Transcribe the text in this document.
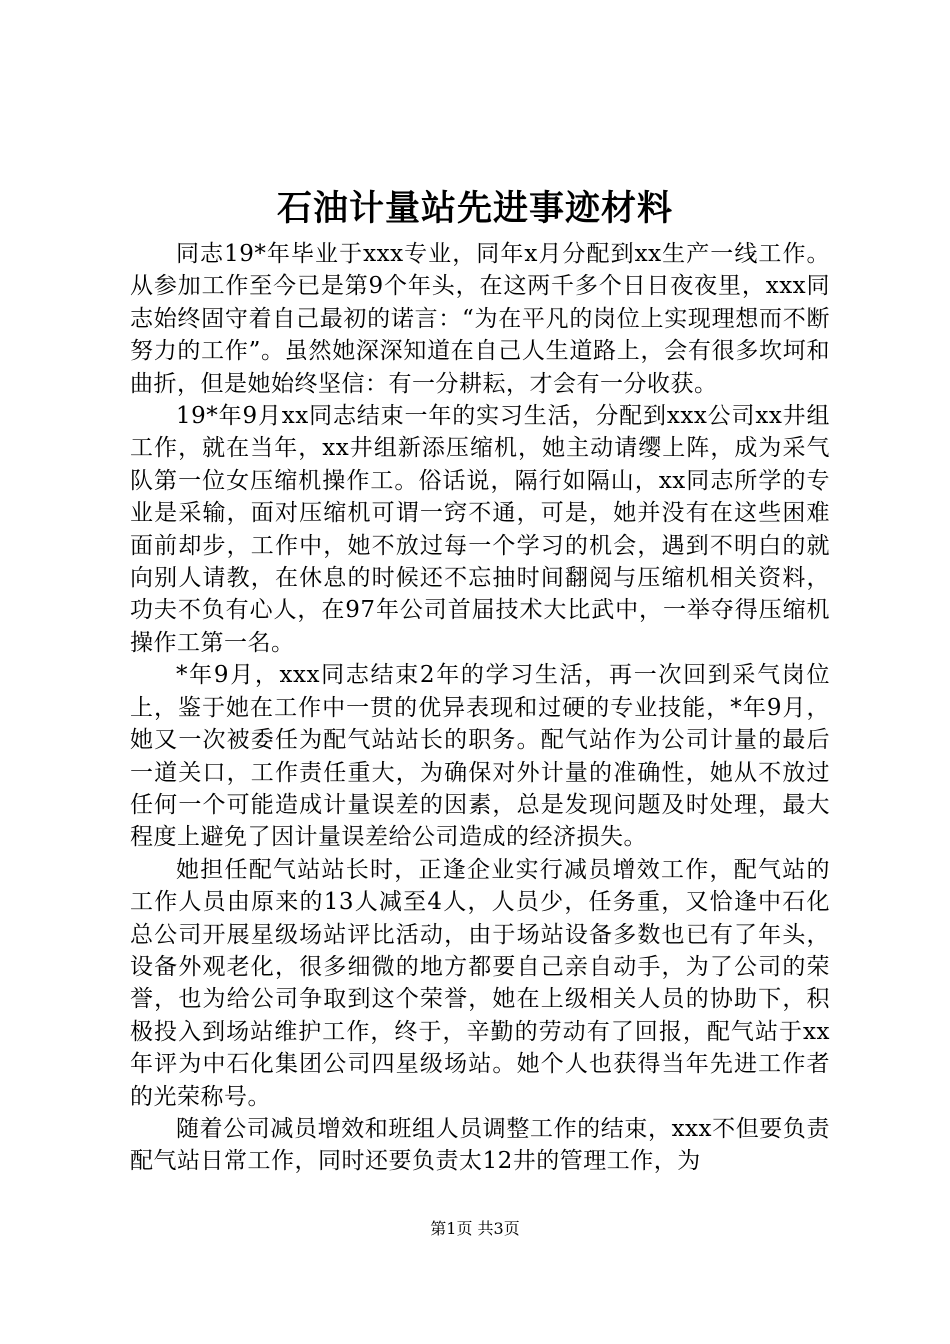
石油计量站先进事迹材料

同志19*年毕业于xxx专业，同年x月分配到xx生产一线工作。从参加工作至今已是第9个年头，在这两千多个日日夜夜里，xxx同志始终固守着自己最初的诺言：“为在平凡的岗位上实现理想而不断努力的工作”。虽然她深深知道在自己人生道路上，会有很多坎坷和曲折，但是她始终坚信：有一分耕耘，才会有一分收获。

19*年9月xx同志结束一年的实习生活，分配到xxx公司xx井组工作，就在当年，xx井组新添压缩机，她主动请缨上阵，成为采气队第一位女压缩机操作工。俗话说，隔行如隔山，xx同志所学的专业是采输，面对压缩机可谓一窍不通，可是，她并没有在这些困难面前却步，工作中，她不放过每一个学习的机会，遇到不明白的就向别人请教，在休息的时候还不忘抽时间翻阅与压缩机相关资料，功夫不负有心人，在97年公司首届技术大比武中，一举夺得压缩机操作工第一名。

*年9月，xxx同志结束2年的学习生活，再一次回到采气岗位上，鉴于她在工作中一贯的优异表现和过硬的专业技能，*年9月，她又一次被委任为配气站站长的职务。配气站作为公司计量的最后一道关口，工作责任重大，为确保对外计量的准确性，她从不放过任何一个可能造成计量误差的因素，总是发现问题及时处理，最大程度上避免了因计量误差给公司造成的经济损失。

她担任配气站站长时，正逢企业实行减员增效工作，配气站的工作人员由原来的13人减至4人，人员少，任务重，又恰逢中石化总公司开展星级场站评比活动，由于场站设备多数也已有了年头，设备外观老化，很多细微的地方都要自己亲自动手，为了公司的荣誉，也为给公司争取到这个荣誉，她在上级相关人员的协助下，积极投入到场站维护工作，终于，辛勤的劳动有了回报，配气站于xx年评为中石化集团公司四星级场站。她个人也获得当年先进工作者的光荣称号。

随着公司减员增效和班组人员调整工作的结束，xxx不但要负责配气站日常工作，同时还要负责太12井的管理工作，为

第1页 共3页
